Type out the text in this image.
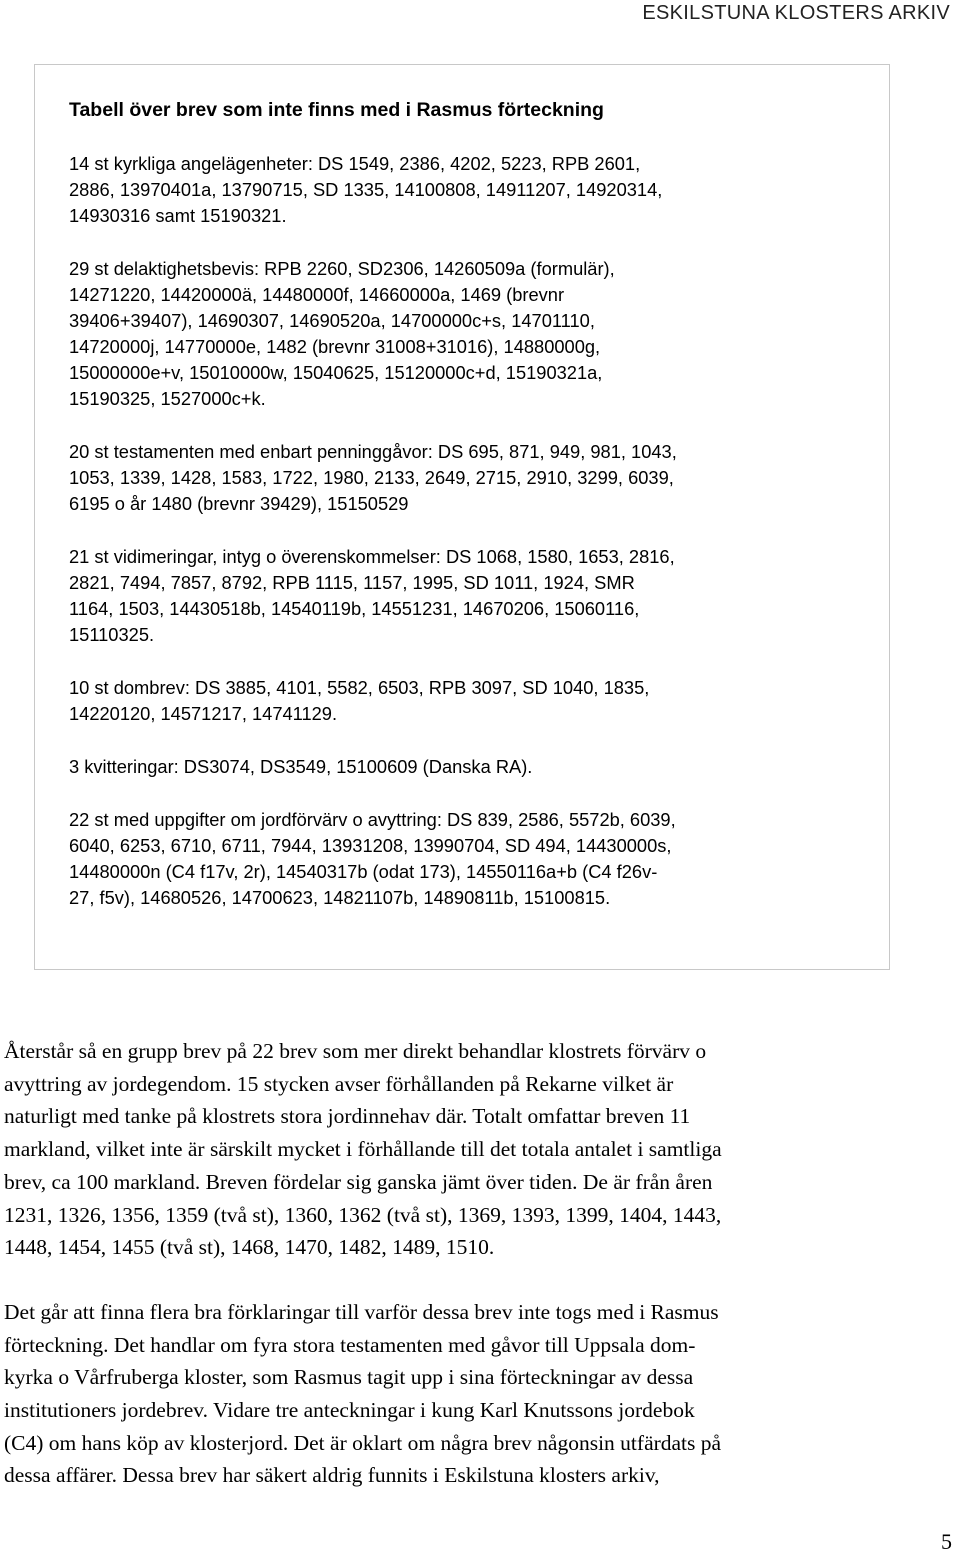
ESKILSTUNA KLOSTERS ARKIV
Tabell över brev som inte finns med i Rasmus förteckning

14 st kyrkliga angelägenheter: DS 1549, 2386, 4202, 5223, RPB 2601,
2886, 13970401a, 13790715, SD 1335, 14100808, 14911207, 14920314,
14930316 samt 15190321.

29 st delaktighetsbevis: RPB 2260, SD2306, 14260509a (formulär),
14271220, 14420000ä, 14480000f, 14660000a, 1469 (brevnr
39406+39407), 14690307, 14690520a, 14700000c+s, 14701110,
14720000j, 14770000e, 1482 (brevnr 31008+31016), 14880000g,
15000000e+v, 15010000w, 15040625, 15120000c+d, 15190321a,
15190325, 1527000c+k.

20 st testamenten med enbart penninggåvor: DS 695, 871, 949, 981, 1043,
1053, 1339, 1428, 1583, 1722, 1980, 2133, 2649, 2715, 2910, 3299, 6039,
6195 o år 1480 (brevnr 39429), 15150529

21 st vidimeringar, intyg o överenskommelser: DS 1068, 1580, 1653, 2816,
2821, 7494, 7857, 8792, RPB 1115, 1157, 1995, SD 1011, 1924, SMR
1164, 1503, 14430518b, 14540119b, 14551231, 14670206, 15060116,
15110325.

10 st dombrev: DS 3885, 4101, 5582, 6503, RPB 3097, SD 1040, 1835,
14220120, 14571217, 14741129.

3 kvitteringar: DS3074, DS3549, 15100609 (Danska RA).

22 st med uppgifter om jordförvärv o avyttring: DS 839, 2586, 5572b, 6039,
6040, 6253, 6710, 6711, 7944, 13931208, 13990704, SD 494, 14430000s,
14480000n (C4 f17v, 2r), 14540317b (odat 173), 14550116a+b (C4 f26v-
27, f5v), 14680526, 14700623, 14821107b, 14890811b, 15100815.

Återstår så en grupp brev på 22 brev som mer direkt behandlar klostrets förvärv o
avyttring av jordegendom. 15 stycken avser förhållanden på Rekarne vilket är
naturligt med tanke på klostrets stora jordinnehav där. Totalt omfattar breven 11
markland, vilket inte är särskilt mycket i förhållande till det totala antalet i samtliga
brev, ca 100 markland. Breven fördelar sig ganska jämt över tiden. De är från åren
1231, 1326, 1356, 1359 (två st), 1360, 1362 (två st), 1369, 1393, 1399, 1404, 1443,
1448, 1454, 1455 (två st), 1468, 1470, 1482, 1489, 1510.

Det går att finna flera bra förklaringar till varför dessa brev inte togs med i Rasmus
förteckning. Det handlar om fyra stora testamenten med gåvor till Uppsala dom-
kyrka o Vårfruberga kloster, som Rasmus tagit upp i sina förteckningar av dessa
institutioners jordebrev. Vidare tre anteckningar i kung Karl Knutssons jordebok
(C4) om hans köp av klosterjord. Det är oklart om några brev någonsin utfärdats på
dessa affärer. Dessa brev har säkert aldrig funnits i Eskilstuna klosters arkiv,

5
